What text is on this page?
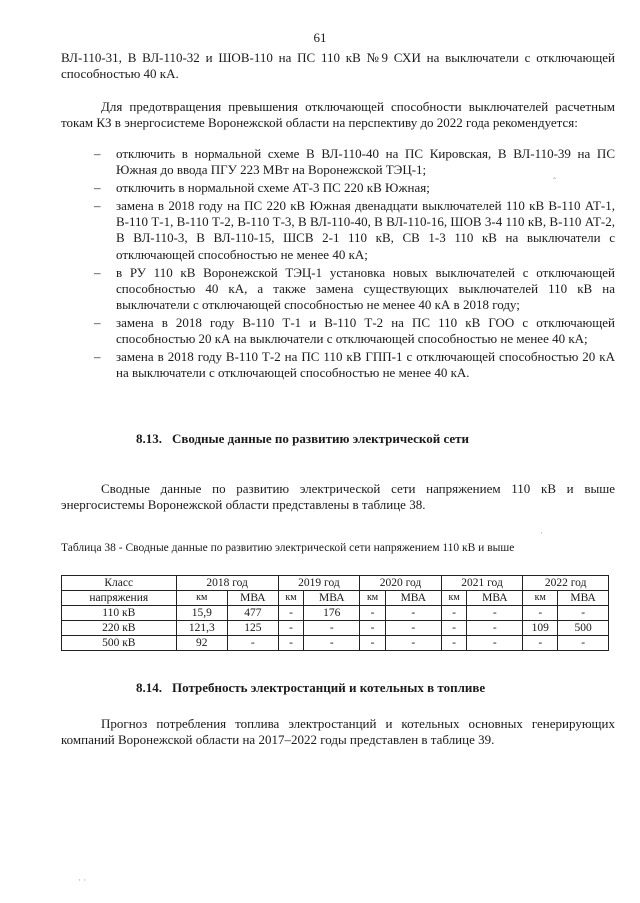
61
ВЛ-110-31, В ВЛ-110-32 и ШОВ-110 на ПС 110 кВ №9 СХИ на выключатели с отключающей способностью 40 кА.
Для предотвращения превышения отключающей способности выключателей расчетным токам КЗ в энергосистеме Воронежской области на перспективу до 2022 года рекомендуется:
– отключить в нормальной схеме В ВЛ-110-40 на ПС Кировская, В ВЛ-110-39 на ПС Южная до ввода ПГУ 223 МВт на Воронежской ТЭЦ-1;
– отключить в нормальной схеме АТ-3 ПС 220 кВ Южная;
– замена в 2018 году на ПС 220 кВ Южная двенадцати выключателей 110 кВ В-110 АТ-1, В-110 Т-1, В-110 Т-2, В-110 Т-3, В ВЛ-110-40, В ВЛ-110-16, ШОВ 3-4 110 кВ, В-110 АТ-2, В ВЛ-110-3, В ВЛ-110-15, ШСВ 2-1 110 кВ, СВ 1-3 110 кВ на выключатели с отключающей способностью не менее 40 кА;
– в РУ 110 кВ Воронежской ТЭЦ-1 установка новых выключателей с отключающей способностью 40 кА, а также замена существующих выключателей 110 кВ на выключатели с отключающей способностью не менее 40 кА в 2018 году;
– замена в 2018 году В-110 Т-1 и В-110 Т-2 на ПС 110 кВ ГОО с отключающей способностью 20 кА на выключатели с отключающей способностью не менее 40 кА;
– замена в 2018 году В-110 Т-2 на ПС 110 кВ ГПП-1 с отключающей способностью 20 кА на выключатели с отключающей способностью не менее 40 кА.
8.13. Сводные данные по развитию электрической сети
Сводные данные по развитию электрической сети напряжением 110 кВ и выше энергосистемы Воронежской области представлены в таблице 38.
Таблица 38 - Сводные данные по развитию электрической сети напряжением 110 кВ и выше
Класс	2018 год		2019 год		2020 год		2021 год		2022 год	
напряжения	км	МВА	км	МВА	км	МВА	км	МВА	км	МВА
110 кВ	15,9	477	-	176	-	-	-	-	-	-
220 кВ	121,3	125	-	-	-	-	-	-	109	500
500 кВ	92	-	-	-	-	-	-	-	-	-
8.14. Потребность электростанций и котельных в топливе
Прогноз потребления топлива электростанций и котельных основных генерирующих компаний Воронежской области на 2017–2022 годы представлен в таблице 39.
ˆ
·
· ·
